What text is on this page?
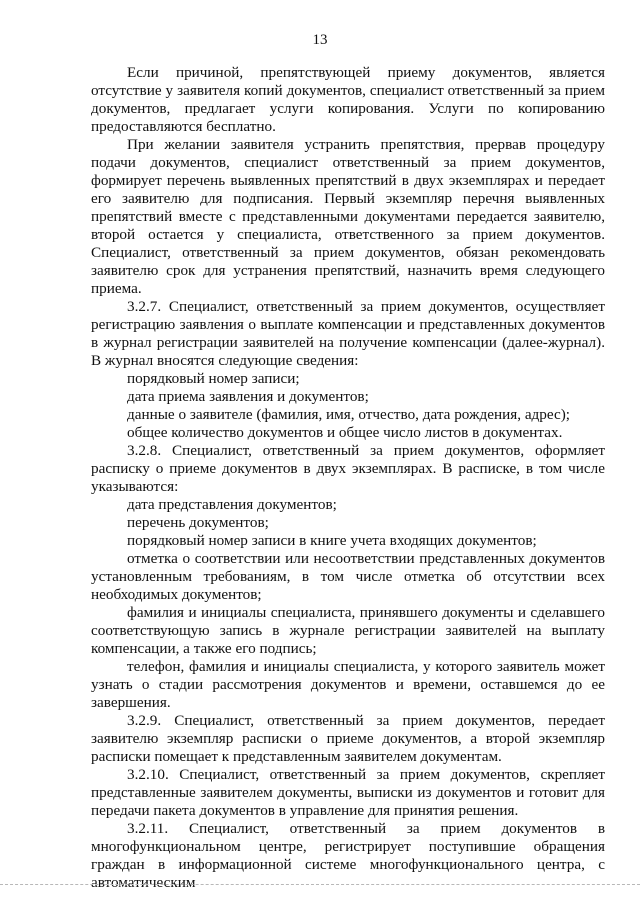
13

Если причиной, препятствующей приему документов, является отсутствие у заявителя копий документов, специалист ответственный за прием документов, предлагает услуги копирования. Услуги по копированию предоставляются бесплатно.

При желании заявителя устранить препятствия, прервав процедуру подачи документов, специалист ответственный за прием документов, формирует перечень выявленных препятствий в двух экземплярах и передает его заявителю для подписания. Первый экземпляр перечня выявленных препятствий вместе с представленными документами передается заявителю, второй остается у специалиста, ответственного за прием документов. Специалист, ответственный за прием документов, обязан рекомендовать заявителю срок для устранения препятствий, назначить время следующего приема.

3.2.7. Специалист, ответственный за прием документов, осуществляет регистрацию заявления о выплате компенсации и представленных документов в журнал регистрации заявителей на получение компенсации (далее-журнал). В журнал вносятся следующие сведения:

порядковый номер записи;

дата приема заявления и документов;

данные о заявителе (фамилия, имя, отчество, дата рождения, адрес);

общее количество документов и общее число листов в документах.

3.2.8. Специалист, ответственный за прием документов, оформляет расписку о приеме документов в двух экземплярах. В расписке, в том числе указываются:

дата представления документов;

перечень документов;

порядковый номер записи в книге учета входящих документов;

отметка о соответствии или несоответствии представленных документов установленным требованиям, в том числе отметка об отсутствии всех необходимых документов;

фамилия и инициалы специалиста, принявшего документы и сделавшего соответствующую запись в журнале регистрации заявителей на выплату компенсации, а также его подпись;

телефон, фамилия и инициалы специалиста, у которого заявитель может узнать о стадии рассмотрения документов и времени, оставшемся до ее завершения.

3.2.9. Специалист, ответственный за прием документов, передает заявителю экземпляр расписки о приеме документов, а второй экземпляр расписки помещает к представленным заявителем документам.

3.2.10. Специалист, ответственный за прием документов, скрепляет представленные заявителем документы, выписки из документов и готовит для передачи пакета документов в управление для принятия решения.

3.2.11. Специалист, ответственный за прием документов в многофункциональном центре, регистрирует поступившие обращения граждан в информационной системе многофункционального центра, с автоматическим
